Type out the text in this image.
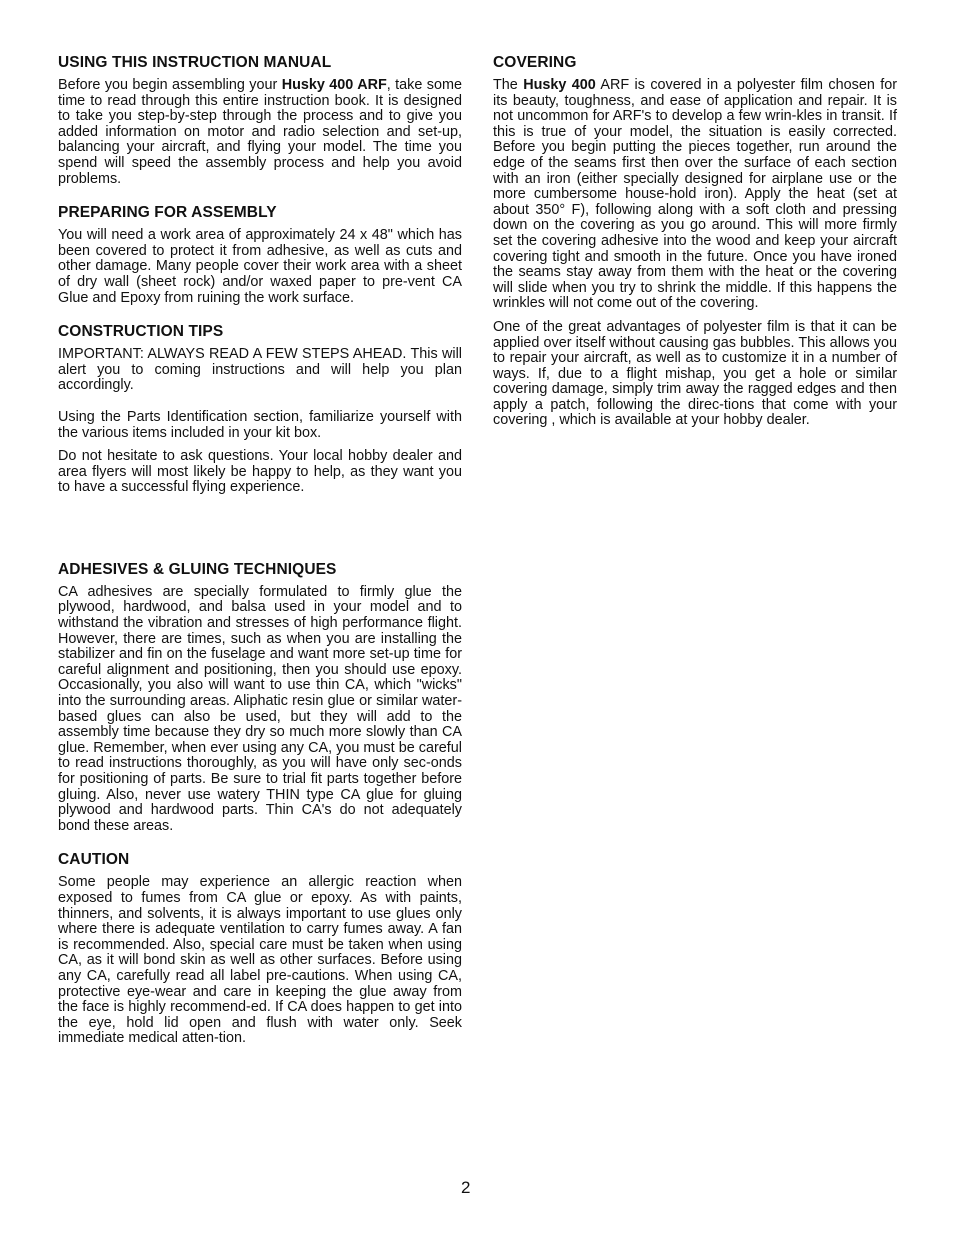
USING THIS INSTRUCTION MANUAL

Before you begin assembling your Husky 400 ARF, take some time to read through this entire instruction book. It is designed to take you step-by-step through the process and to give you added information on motor and radio selection and set-up, balancing your aircraft, and flying your model. The time you spend will speed the assembly process and help you avoid problems.

PREPARING FOR ASSEMBLY

You will need a work area of approximately 24 x 48" which has been covered to protect it from adhesive, as well as cuts and other damage. Many people cover their work area with a sheet of dry wall (sheet rock) and/or waxed paper to pre-vent CA Glue and Epoxy from ruining the work surface.

CONSTRUCTION TIPS

IMPORTANT: ALWAYS READ A FEW STEPS AHEAD. This will alert you to coming instructions and will help you plan accordingly.

Using the Parts Identification section, familiarize yourself with the various items included in your kit box.

Do not hesitate to ask questions. Your local hobby dealer and area flyers will most likely be happy to help, as they want you to have a successful flying experience.

ADHESIVES & GLUING TECHNIQUES

CA adhesives are specially formulated to firmly glue the plywood, hardwood, and balsa used in your model and to withstand the vibration and stresses of high performance flight. However, there are times, such as when you are installing the stabilizer and fin on the fuselage and want more set-up time for careful alignment and positioning, then you should use epoxy. Occasionally, you also will want to use thin CA, which "wicks" into the surrounding areas. Aliphatic resin glue or similar water-based glues can also be used, but they will add to the assembly time because they dry so much more slowly than CA glue. Remember, when ever using any CA, you must be careful to read instructions thoroughly, as you will have only sec-onds for positioning of parts. Be sure to trial fit parts together before gluing. Also, never use watery THIN type CA glue for gluing plywood and hardwood parts. Thin CA's do not adequately bond these areas.

CAUTION

Some people may experience an allergic reaction when exposed to fumes from CA glue or epoxy. As with paints, thinners, and solvents, it is always important to use glues only where there is adequate ventilation to carry fumes away. A fan is recommended. Also, special care must be taken when using CA, as it will bond skin as well as other surfaces. Before using any CA, carefully read all label pre-cautions. When using CA, protective eye-wear and care in keeping the glue away from the face is highly recommend-ed. If CA does happen to get into the eye, hold lid open and flush with water only. Seek immediate medical atten-tion.

COVERING

The Husky 400 ARF is covered in a polyester film chosen for its beauty, toughness, and ease of application and repair. It is not uncommon for ARF's to develop a few wrin-kles in transit. If this is true of your model, the situation is easily corrected. Before you begin putting the pieces together, run around the edge of the seams first then over the surface of each section with an iron (either specially designed for airplane use or the more cumbersome house-hold iron). Apply the heat (set at about 350° F), following along with a soft cloth and pressing down on the covering as you go around. This will more firmly set the covering adhesive into the wood and keep your aircraft covering tight and smooth in the future. Once you have ironed the seams stay away from them with the heat or the covering will slide when you try to shrink the middle. If this happens the wrinkles will not come out of the covering.

One of the great advantages of polyester film is that it can be applied over itself without causing gas bubbles. This allows you to repair your aircraft, as well as to customize it in a number of ways. If, due to a flight mishap, you get a hole or similar covering damage, simply trim away the ragged edges and then apply a patch, following the direc-tions that come with your covering , which is available at your hobby dealer.

2
